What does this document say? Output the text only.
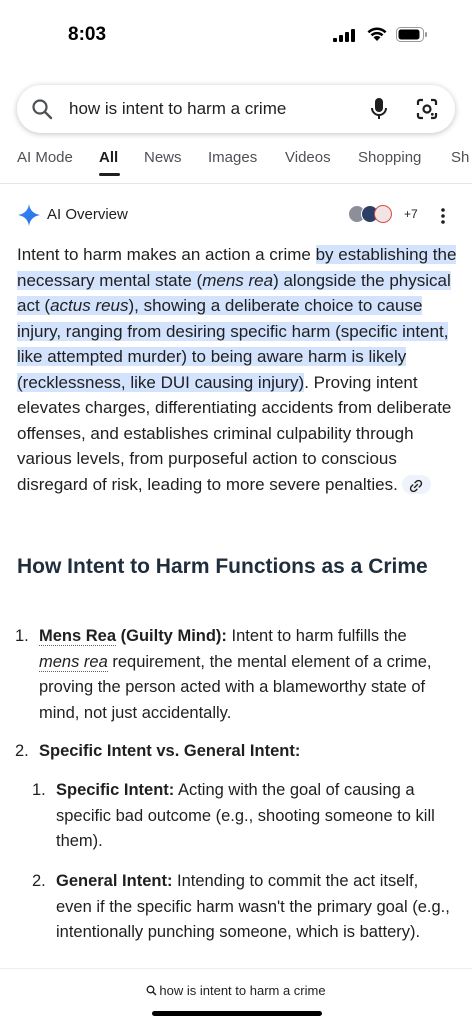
8:03
how is intent to harm a crime
AI Mode All News Images Videos Shopping Sh
AI Overview	+7

Intent to harm makes an action a crime by establishing the necessary mental state (mens rea) alongside the physical act (actus reus), showing a deliberate choice to cause injury, ranging from desiring specific harm (specific intent, like attempted murder) to being aware harm is likely (recklessness, like DUI causing injury). Proving intent elevates charges, differentiating accidents from deliberate offenses, and establishes criminal culpability through various levels, from purposeful action to conscious disregard of risk, leading to more severe penalties.

How Intent to Harm Functions as a Crime
1. Mens Rea (Guilty Mind): Intent to harm fulfills the mens rea requirement, the mental element of a crime, proving the person acted with a blameworthy state of mind, not just accidentally.
2. Specific Intent vs. General Intent:
1. Specific Intent: Acting with the goal of causing a specific bad outcome (e.g., shooting someone to kill them).
2. General Intent: Intending to commit the act itself, even if the specific harm wasn't the primary goal (e.g., intentionally punching someone, which is battery).
how is intent to harm a crime
